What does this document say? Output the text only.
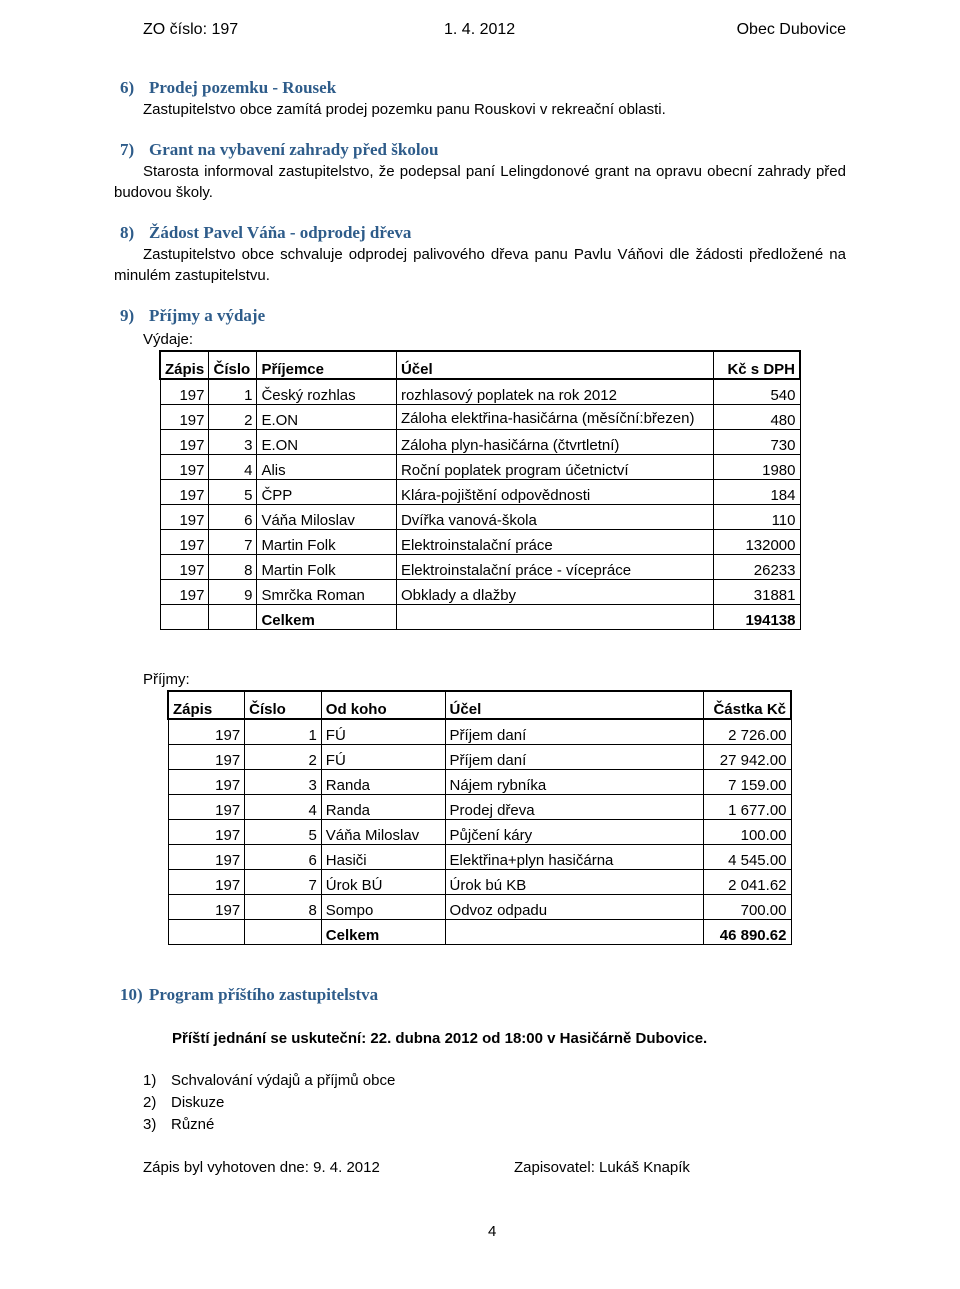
ZO číslo: 197	1. 4. 2012	Obec Dubovice
6) Prodej pozemku - Rousek
Zastupitelstvo obce zamítá prodej pozemku panu Rouskovi v rekreační oblasti.
7) Grant na vybavení zahrady před školou
Starosta informoval zastupitelstvo, že podepsal paní Lelingdonové grant na opravu obecní zahrady před budovou školy.
8) Žádost Pavel Váňa - odprodej dřeva
Zastupitelstvo obce schvaluje odprodej palivového dřeva panu Pavlu Váňovi dle žádosti předložené na minulém zastupitelstvu.
9) Příjmy a výdaje
Výdaje:
Zápis	Číslo	Příjemce	Účel	Kč s DPH
197	1	Český rozhlas	rozhlasový poplatek na rok 2012	540
197	2	E.ON	Záloha elektřina-hasičárna (měsíční:březen)	480
197	3	E.ON	Záloha plyn-hasičárna (čtvrtletní)	730
197	4	Alis	Roční poplatek program účetnictví	1980
197	5	ČPP	Klára-pojištění odpovědnosti	184
197	6	Váňa Miloslav	Dvířka vanová-škola	110
197	7	Martin Folk	Elektroinstalační práce	132000
197	8	Martin Folk	Elektroinstalační práce - vícepráce	26233
197	9	Smrčka Roman	Obklady a dlažby	31881
		Celkem		194138
Příjmy:
Zápis	Číslo	Od koho	Účel	Částka Kč
197	1	FÚ	Příjem daní	2 726.00
197	2	FÚ	Příjem daní	27 942.00
197	3	Randa	Nájem rybníka	7 159.00
197	4	Randa	Prodej dřeva	1 677.00
197	5	Váňa Miloslav	Půjčení káry	100.00
197	6	Hasiči	Elektřina+plyn hasičárna	4 545.00
197	7	Úrok BÚ	Úrok bú KB	2 041.62
197	8	Sompo	Odvoz odpadu	700.00
		Celkem		46 890.62
10) Program příštího zastupitelstva
Příští jednání se uskuteční: 22. dubna 2012 od 18:00 v Hasičárně Dubovice.
1) Schvalování výdajů a příjmů obce
2) Diskuze
3) Různé
Zápis byl vyhotoven dne: 9. 4. 2012	Zapisovatel: Lukáš Knapík
4
